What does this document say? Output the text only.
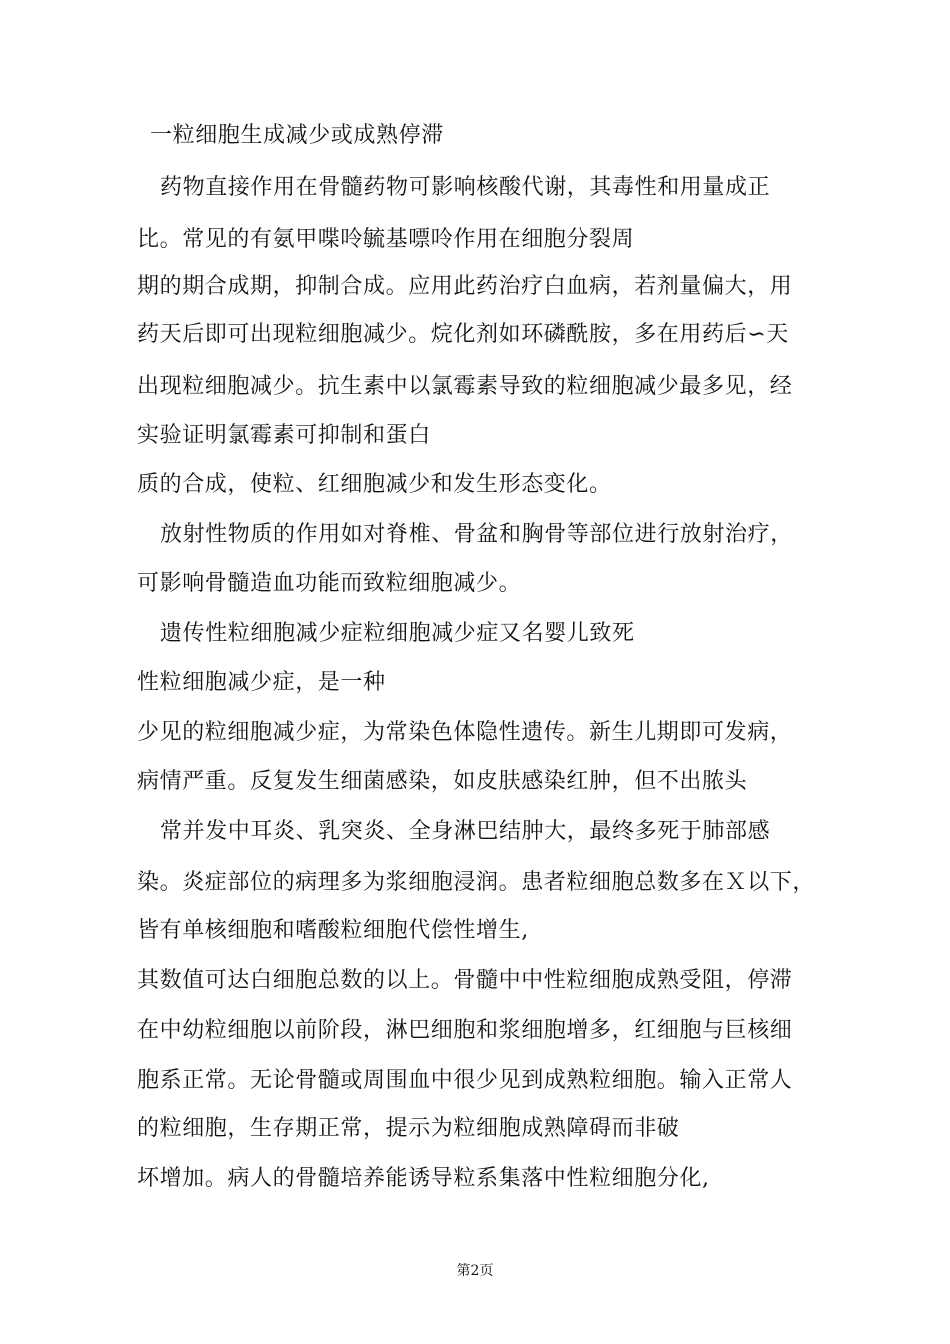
一粒细胞生成减少或成熟停滞
药物直接作用在骨髓药物可影响核酸代谢，其毒性和用量成正
比。常见的有氨甲喋呤毓基嘌呤作用在细胞分裂周
期的期合成期，抑制合成。应用此药治疗白血病，若剂量偏大，用
药天后即可出现粒细胞减少。烷化剂如环磷酰胺，多在用药后∽天
出现粒细胞减少。抗生素中以氯霉素导致的粒细胞减少最多见，经
实验证明氯霉素可抑制和蛋白
质的合成，使粒、红细胞减少和发生形态变化。
放射性物质的作用如对脊椎、骨盆和胸骨等部位进行放射治疗，
可影响骨髓造血功能而致粒细胞减少。
遗传性粒细胞减少症粒细胞减少症又名婴儿致死
性粒细胞减少症，是一种
少见的粒细胞减少症，为常染色体隐性遗传。新生儿期即可发病，
病情严重。反复发生细菌感染，如皮肤感染红肿，但不出脓头
常并发中耳炎、乳突炎、全身淋巴结肿大，最终多死于肺部感
染。炎症部位的病理多为浆细胞浸润。患者粒细胞总数多在Ｘ以下，
皆有单核细胞和嗜酸粒细胞代偿性增生,
其数值可达白细胞总数的以上。骨髓中中性粒细胞成熟受阻，停滞
在中幼粒细胞以前阶段，淋巴细胞和浆细胞增多，红细胞与巨核细
胞系正常。无论骨髓或周围血中很少见到成熟粒细胞。输入正常人
的粒细胞，生存期正常，提示为粒细胞成熟障碍而非破
坏增加。病人的骨髓培养能诱导粒系集落中性粒细胞分化,
第2页
